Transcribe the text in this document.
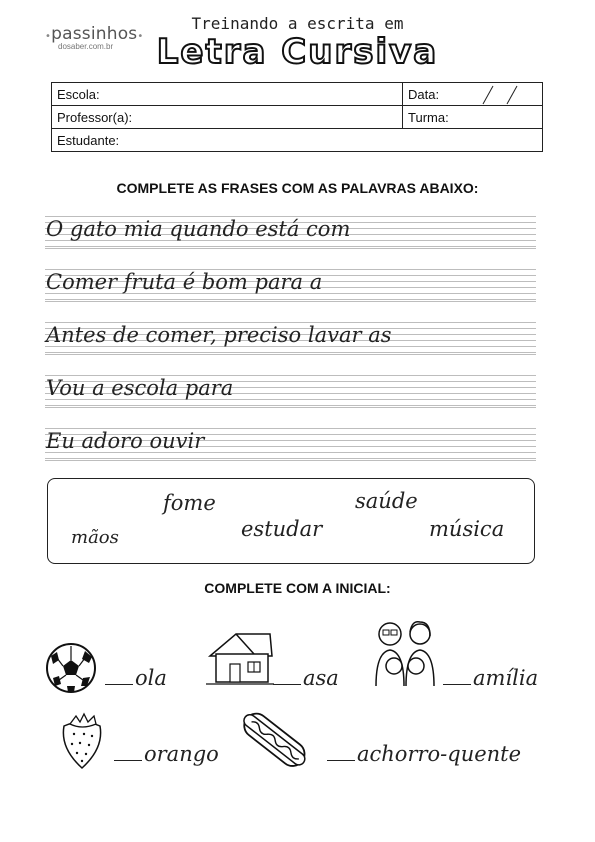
•passinhos•
dosaber.com.br
Treinando a escrita em
Letra Cursiva
Escola:	Data:

Professor(a):	Turma:
Estudante:	
COMPLETE AS FRASES COM AS PALAVRAS ABAIXO:
O gato mia quando está com
Comer fruta é bom para a
Antes de comer, preciso lavar as
Vou a escola para
Eu adoro ouvir
fome	saúde
mãos	estudar	música
COMPLETE COM A INICIAL:
ola	asa	amília
orango	achorro-quente
